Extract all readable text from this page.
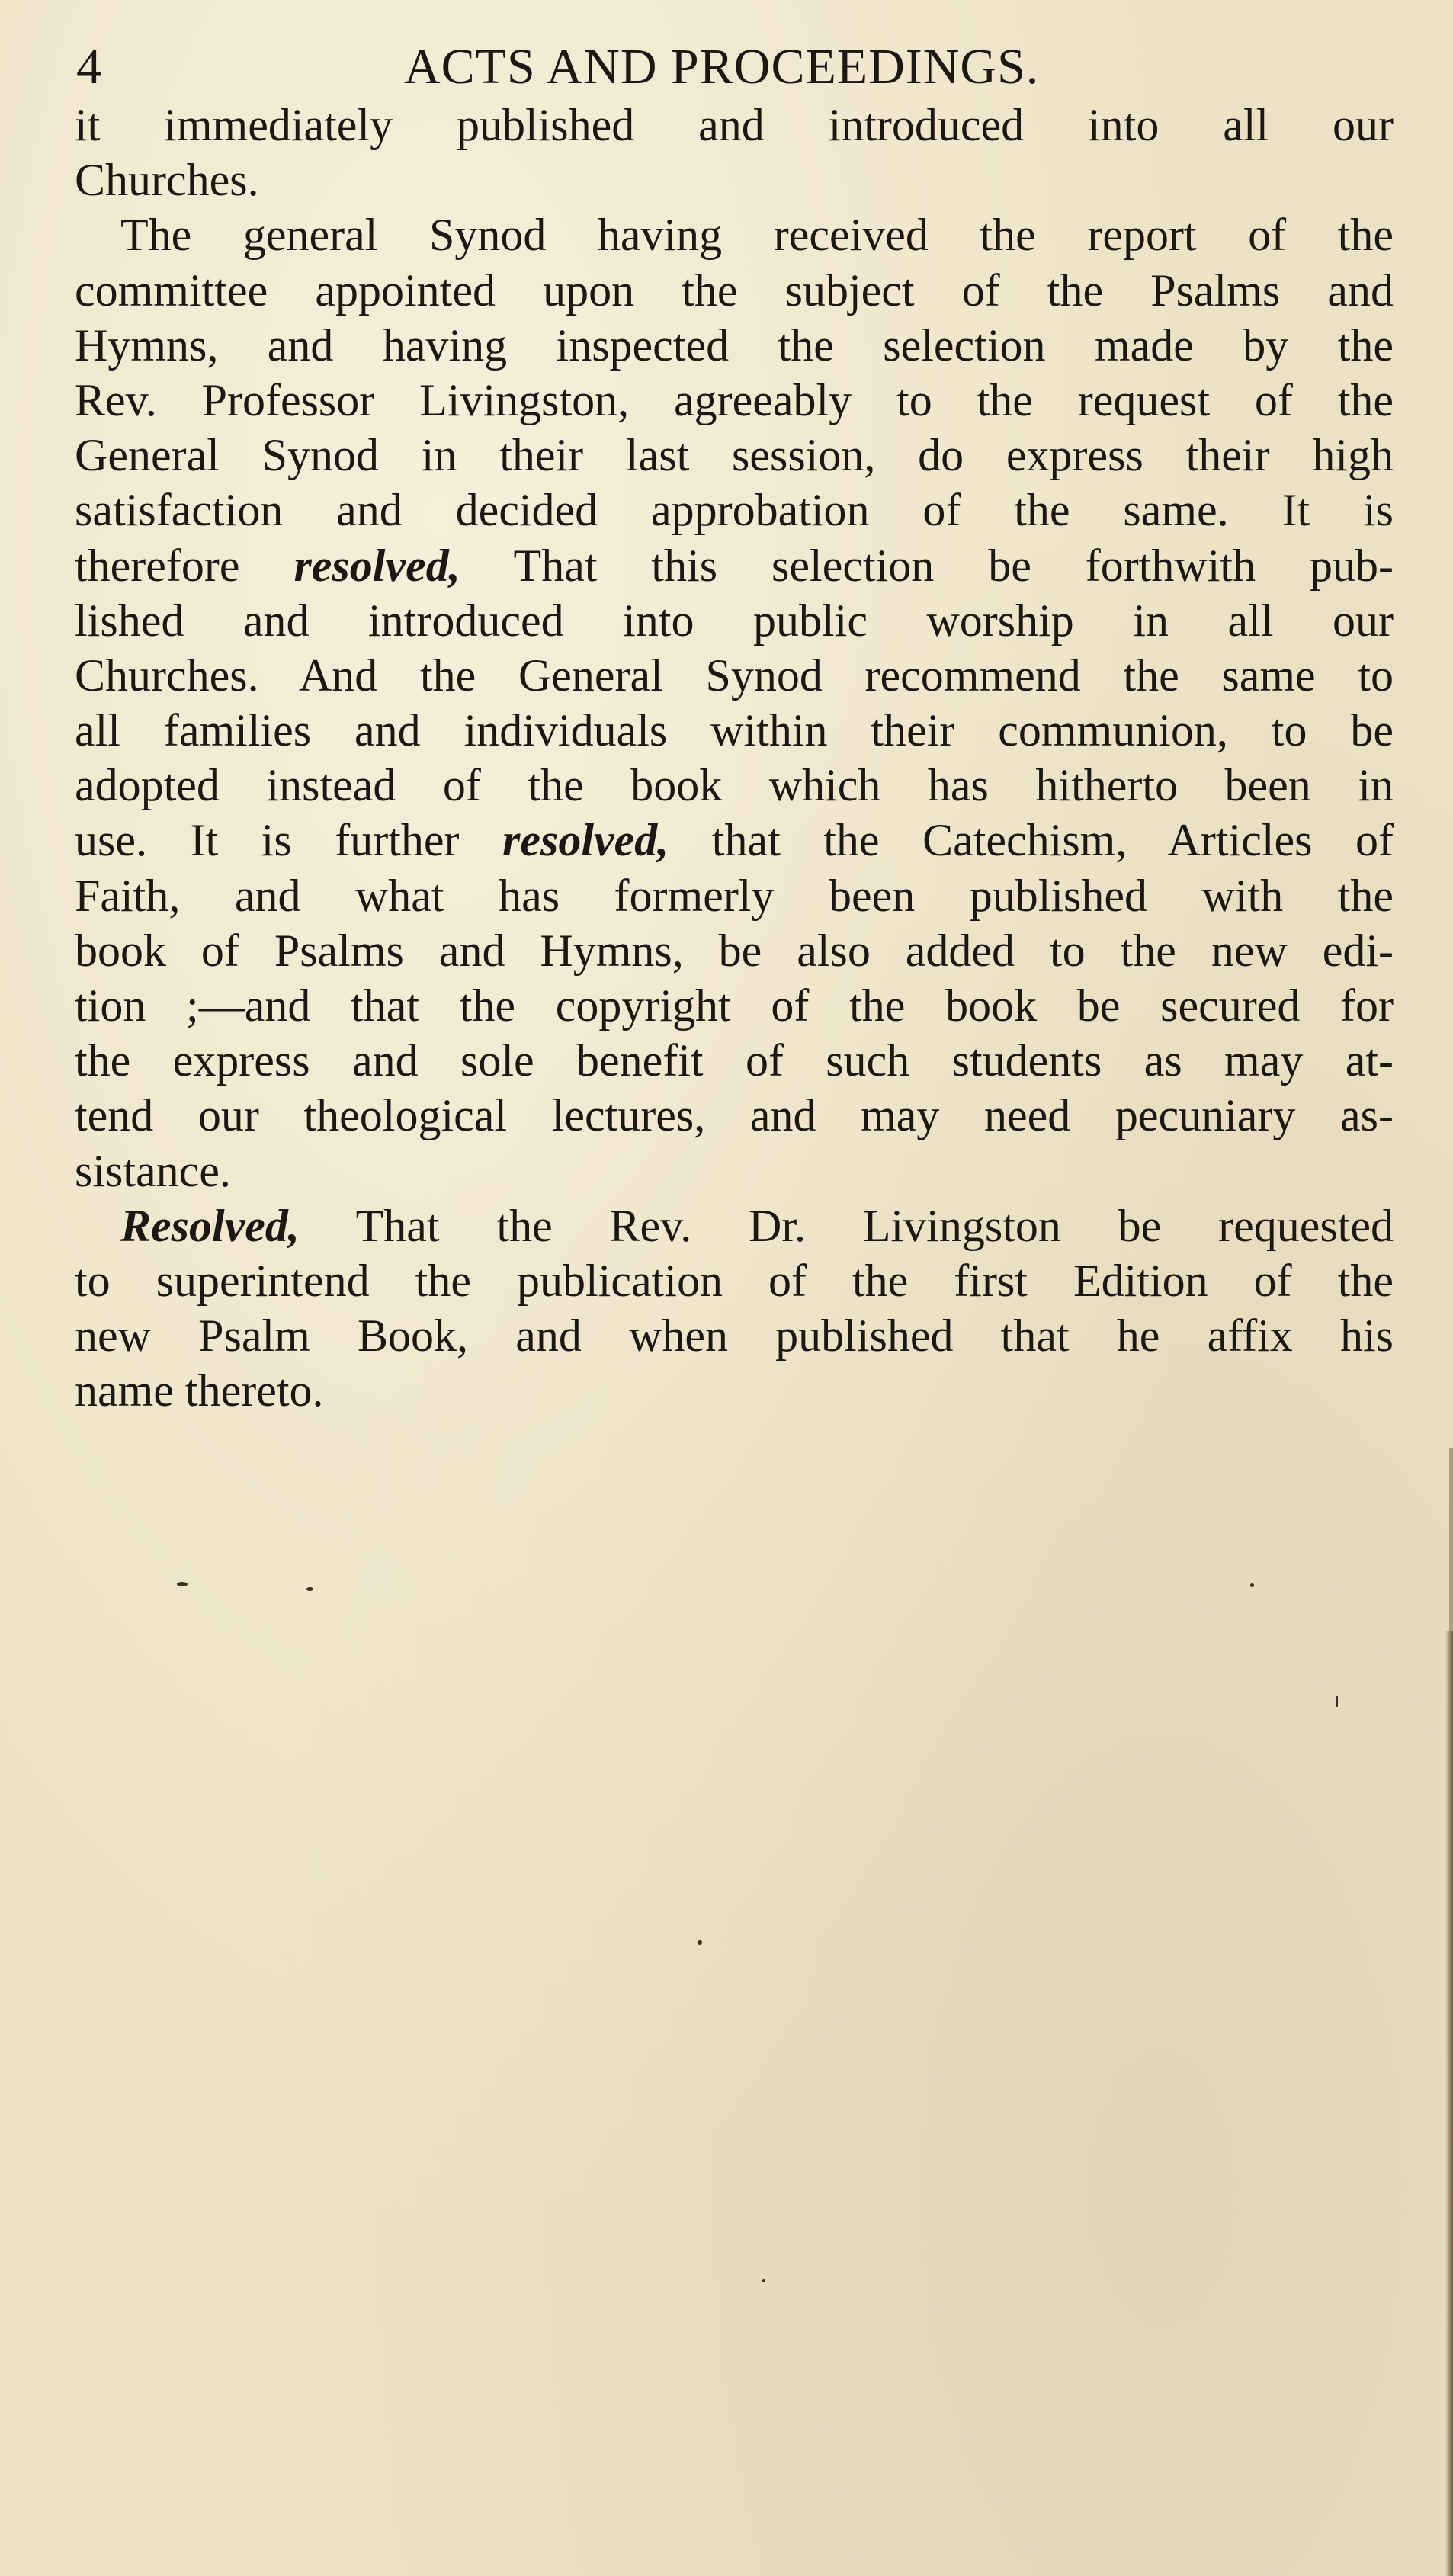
4	ACTS AND PROCEEDINGS.
it immediately published and introduced into all our
Churches.
The general Synod having received the report of the
committee appointed upon the subject of the Psalms and
Hymns, and having inspected the selection made by the
Rev. Professor Livingston, agreeably to the request of the
General Synod in their last session, do express their high
satisfaction and decided approbation of the same. It is
therefore resolved, That this selection be forthwith pub-
lished and introduced into public worship in all our
Churches. And the General Synod recommend the same to
all families and individuals within their communion, to be
adopted instead of the book which has hitherto been in
use. It is further resolved, that the Catechism, Articles of
Faith, and what has formerly been published with the
book of Psalms and Hymns, be also added to the new edi-
tion ;—and that the copyright of the book be secured for
the express and sole benefit of such students as may at-
tend our theological lectures, and may need pecuniary as-
sistance.
Resolved, That the Rev. Dr. Livingston be requested
to superintend the publication of the first Edition of the
new Psalm Book, and when published that he affix his
name thereto.
